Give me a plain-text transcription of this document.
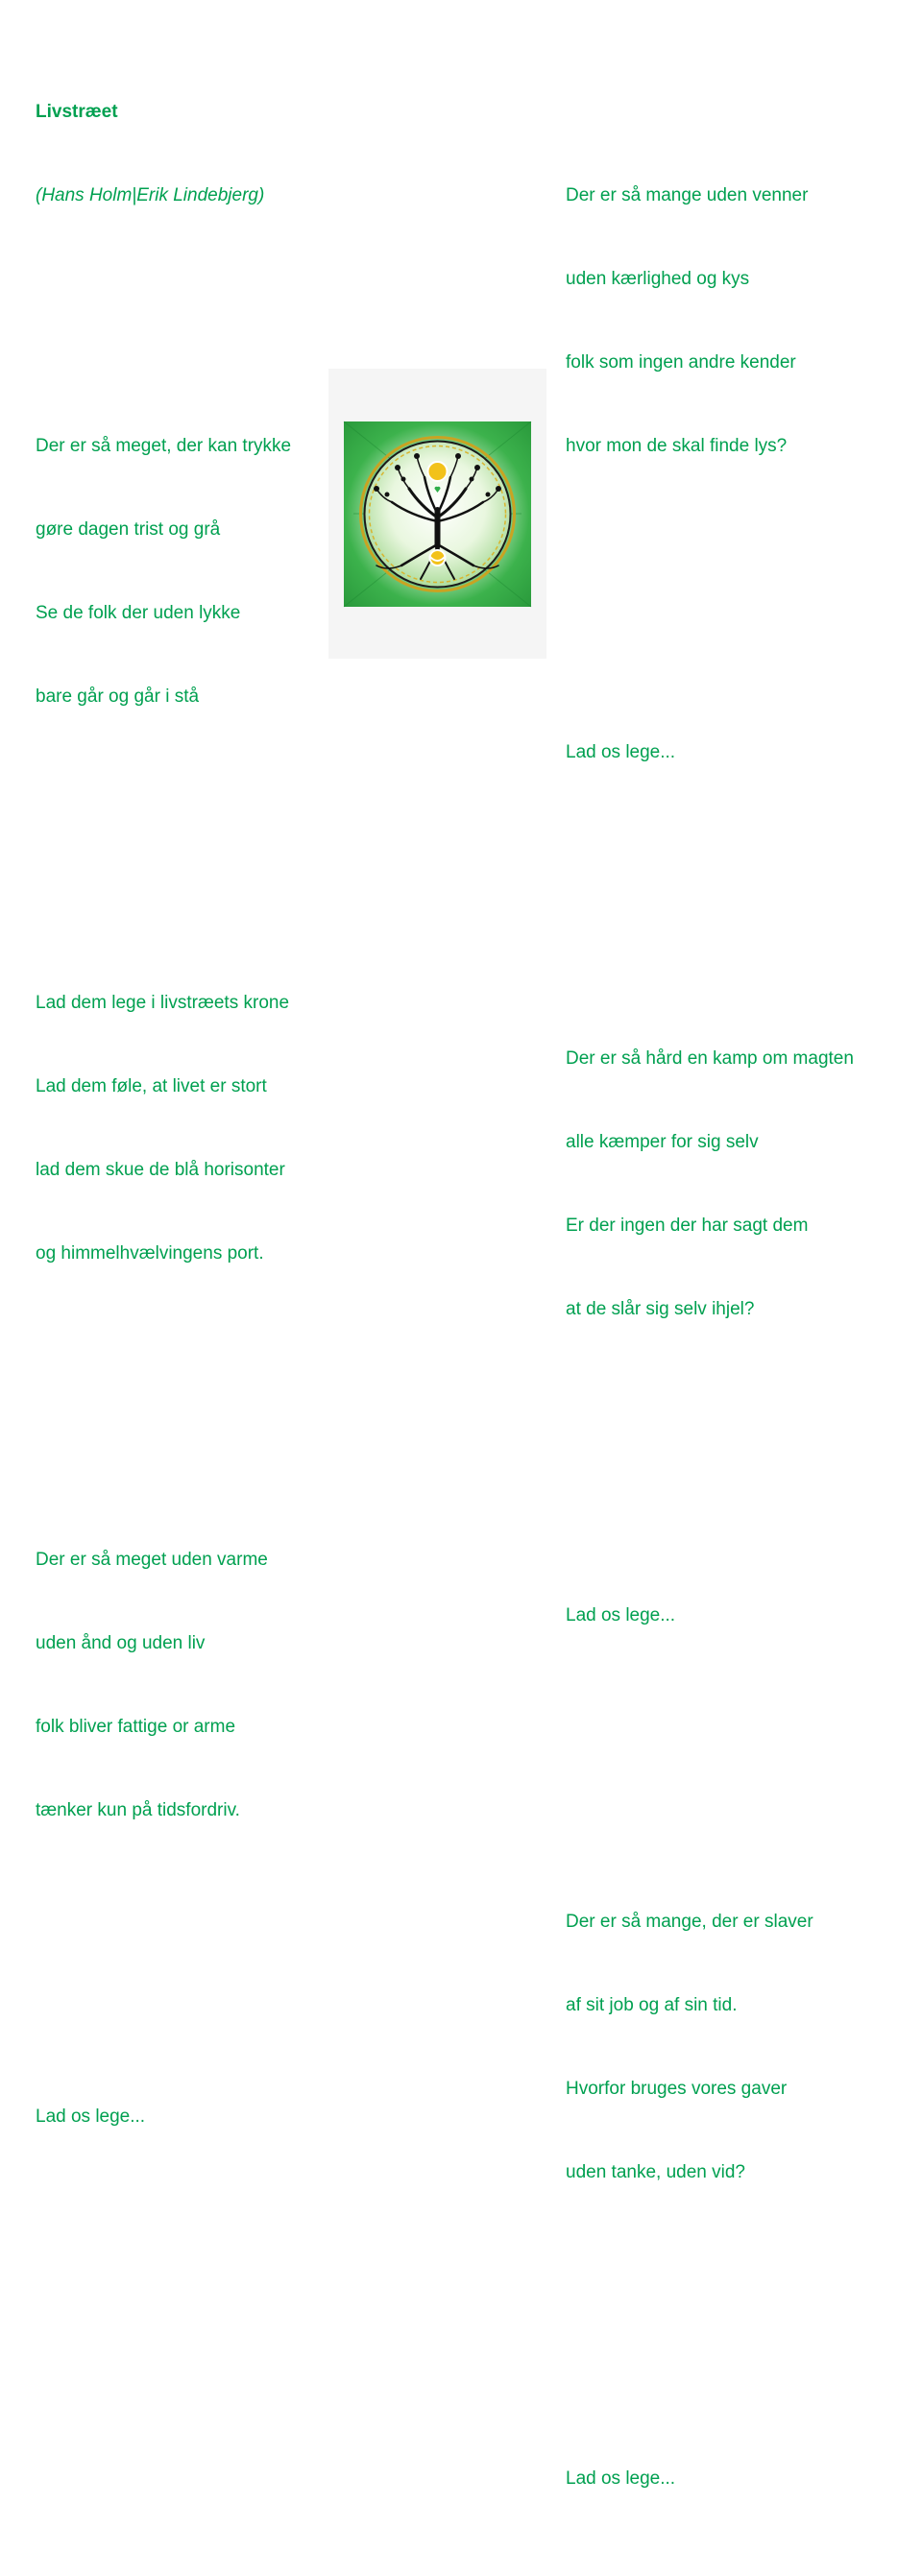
Livstræet

(Hans Holm|Erik Lindebjerg)

Der er så meget, der kan trykke

gøre dagen trist og grå

Se de folk der uden lykke

bare går og går i stå

Lad dem lege i livstræets krone

Lad dem føle, at livet er stort

lad dem skue de blå horisonter

og himmelhvælvingens port.

Der er så meget uden varme

uden ånd og uden liv

folk bliver fattige or arme

tænker kun på tidsfordriv.

Lad os lege...

Der er så mange uden venner

uden kærlighed og kys

folk som ingen andre kender

hvor mon de skal finde lys?

Lad os lege...

Der er så hård en kamp om magten

alle kæmper for sig selv

Er der ingen der har sagt dem

at de slår sig selv ihjel?

Lad os lege...

Der er så mange, der er slaver

af sit job og af sin tid.

Hvorfor bruges vores gaver

uden tanke, uden vid?

Lad os lege...
